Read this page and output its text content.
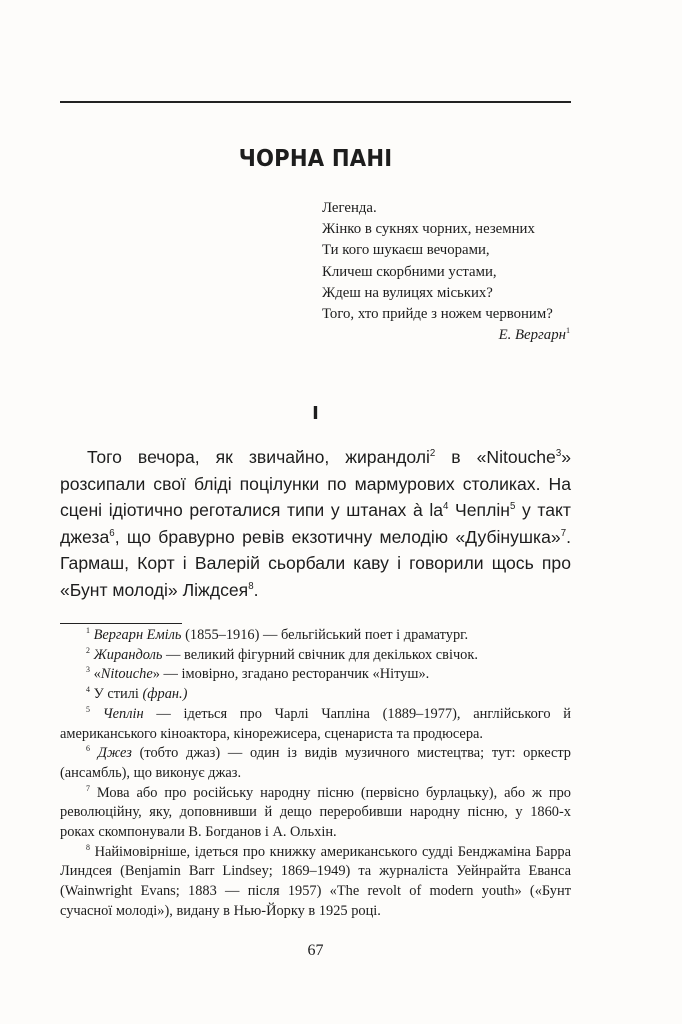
ЧОРНА ПАНІ
Легенда.
Жінко в сукнях чорних, неземних
Ти кого шукаєш вечорами,
Кличеш скорбними устами,
Ждеш на вулицях міських?
Того, хто прийде з ножем червоним?
Е. Вергарн$^1$
I
Того вечора, як звичайно, жирандолі$^2$ в «Nitouche$^3$» розсипали свої бліді поцілунки по мармурових столиках. На сцені ідіотично реготалися типи у штанах à $la^4$ Чеплін$^5$ у такт джеза$^6$, що бравурно ревів екзотичну мелодію «Дубінушка»$^7$. Гармаш, Корт і Валерій сьорбали каву і говорили щось про «Бунт молоді» Ліждсея$^8$.
$^1$ Вергарн Еміль (1855–1916) — бельгійський поет і драматург.
$^2$ Жирандоль — великий фігурний свічник для декількох свічок.
$^3$ «Nitouche» — імовірно, згадано ресторанчик «Нітуш».
$^4$ У стилі (фран.)
$^5$ Чеплін — ідеться про Чарлі Чапліна (1889–1977), англійського й американського кіноактора, кінорежисера, сценариста та продюсера.
$^6$ Джез (тобто джаз) — один із видів музичного мистецтва; тут: оркестр (ансамбль), що виконує джаз.
$^7$ Мова або про російську народну пісню (первісно бурлацьку), або ж про революційну, яку, доповнивши й дещо переробивши народну пісню, у 1860-х роках скомпонували В. Богданов і А. Ольхін.
$^8$ Найімовірніше, ідеться про книжку американського судді Бенджаміна Барра Линдсея (Benjamin Barr Lindsey; 1869–1949) та журналіста Уейнрайта Еванса (Wainwright Evans; 1883 — після 1957) «The revolt of modern youth» («Бунт сучасної молоді»), видану в Нью-Йорку в 1925 році.
67
